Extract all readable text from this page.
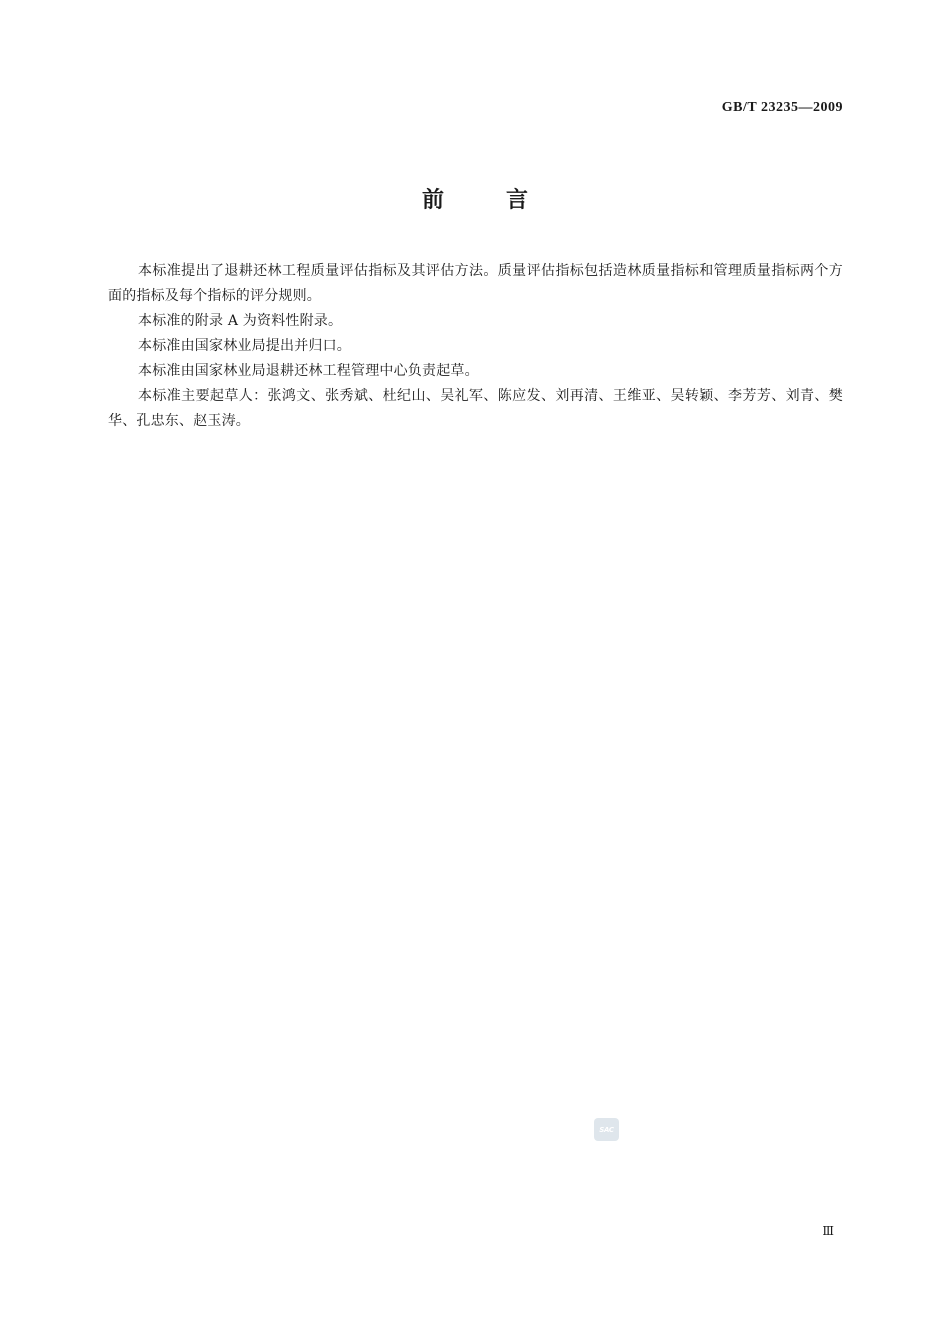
GB/T 23235—2009
前	言

本标准提出了退耕还林工程质量评估指标及其评估方法。质量评估指标包括造林质量指标和管理质量指标两个方面的指标及每个指标的评分规则。

本标准的附录 A 为资料性附录。

本标准由国家林业局提出并归口。

本标准由国家林业局退耕还林工程管理中心负责起草。

本标准主要起草人：张鸿文、张秀斌、杜纪山、吴礼军、陈应发、刘再清、王维亚、吴转颖、李芳芳、刘青、樊华、孔忠东、赵玉涛。

SAC
Ⅲ
